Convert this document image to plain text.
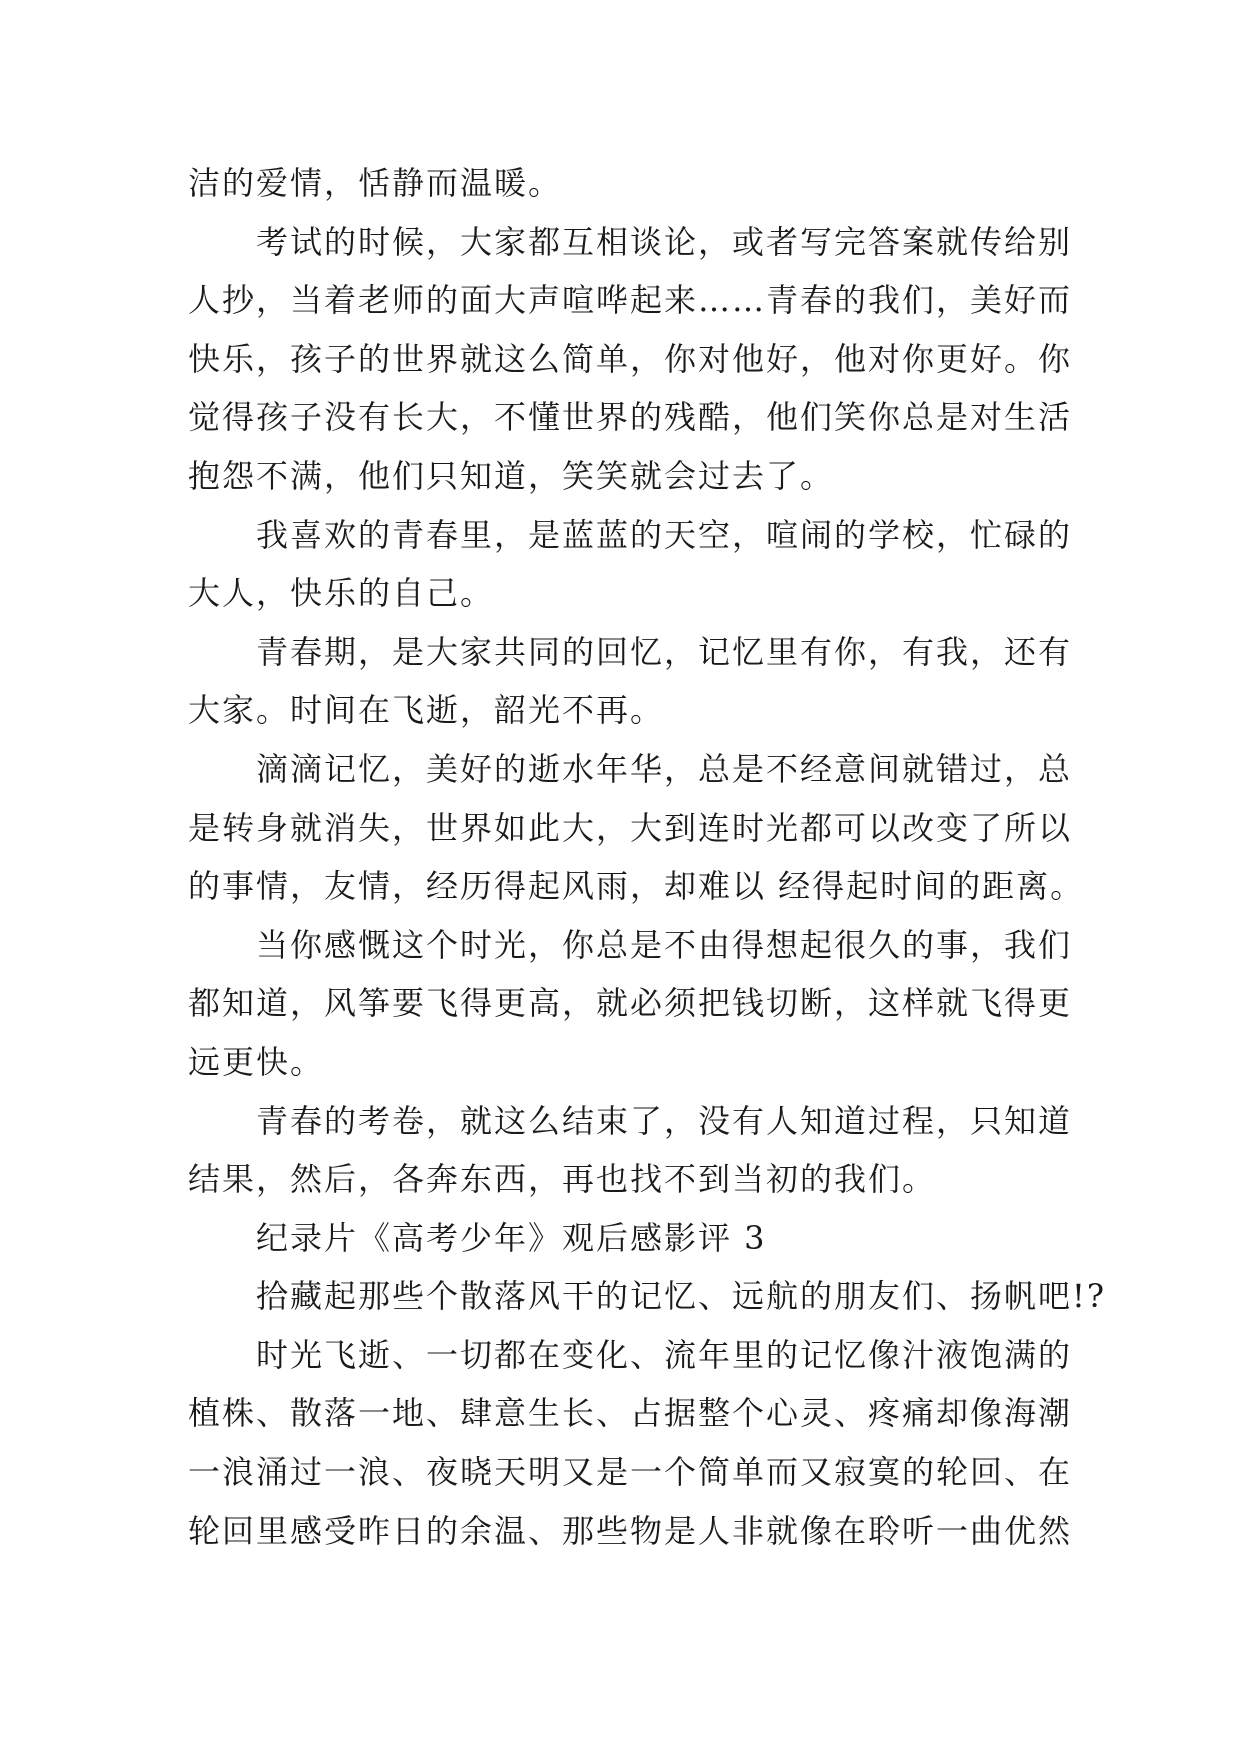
洁的爱情，恬静而温暖。
　　考试的时候，大家都互相谈论，或者写完答案就传给别
人抄，当着老师的面大声喧哗起来……青春的我们，美好而
快乐，孩子的世界就这么简单，你对他好，他对你更好。你
觉得孩子没有长大，不懂世界的残酷，他们笑你总是对生活
抱怨不满，他们只知道，笑笑就会过去了。
　　我喜欢的青春里，是蓝蓝的天空，喧闹的学校，忙碌的
大人，快乐的自己。
　　青春期，是大家共同的回忆，记忆里有你，有我，还有
大家。时间在飞逝，韶光不再。
　　滴滴记忆，美好的逝水年华，总是不经意间就错过，总
是转身就消失，世界如此大，大到连时光都可以改变了所以
的事情，友情，经历得起风雨，却难以 经得起时间的距离。
　　当你感慨这个时光，你总是不由得想起很久的事，我们
都知道，风筝要飞得更高，就必须把钱切断，这样就飞得更
远更快。
　　青春的考卷，就这么结束了，没有人知道过程，只知道
结果，然后，各奔东西，再也找不到当初的我们。
　　纪录片《高考少年》观后感影评 3
　　拾藏起那些个散落风干的记忆、远航的朋友们、扬帆吧!?
　　时光飞逝、一切都在变化、流年里的记忆像汁液饱满的
植株、散落一地、肆意生长、占据整个心灵、疼痛却像海潮
一浪涌过一浪、夜晓天明又是一个简单而又寂寞的轮回、在
轮回里感受昨日的余温、那些物是人非就像在聆听一曲优然
